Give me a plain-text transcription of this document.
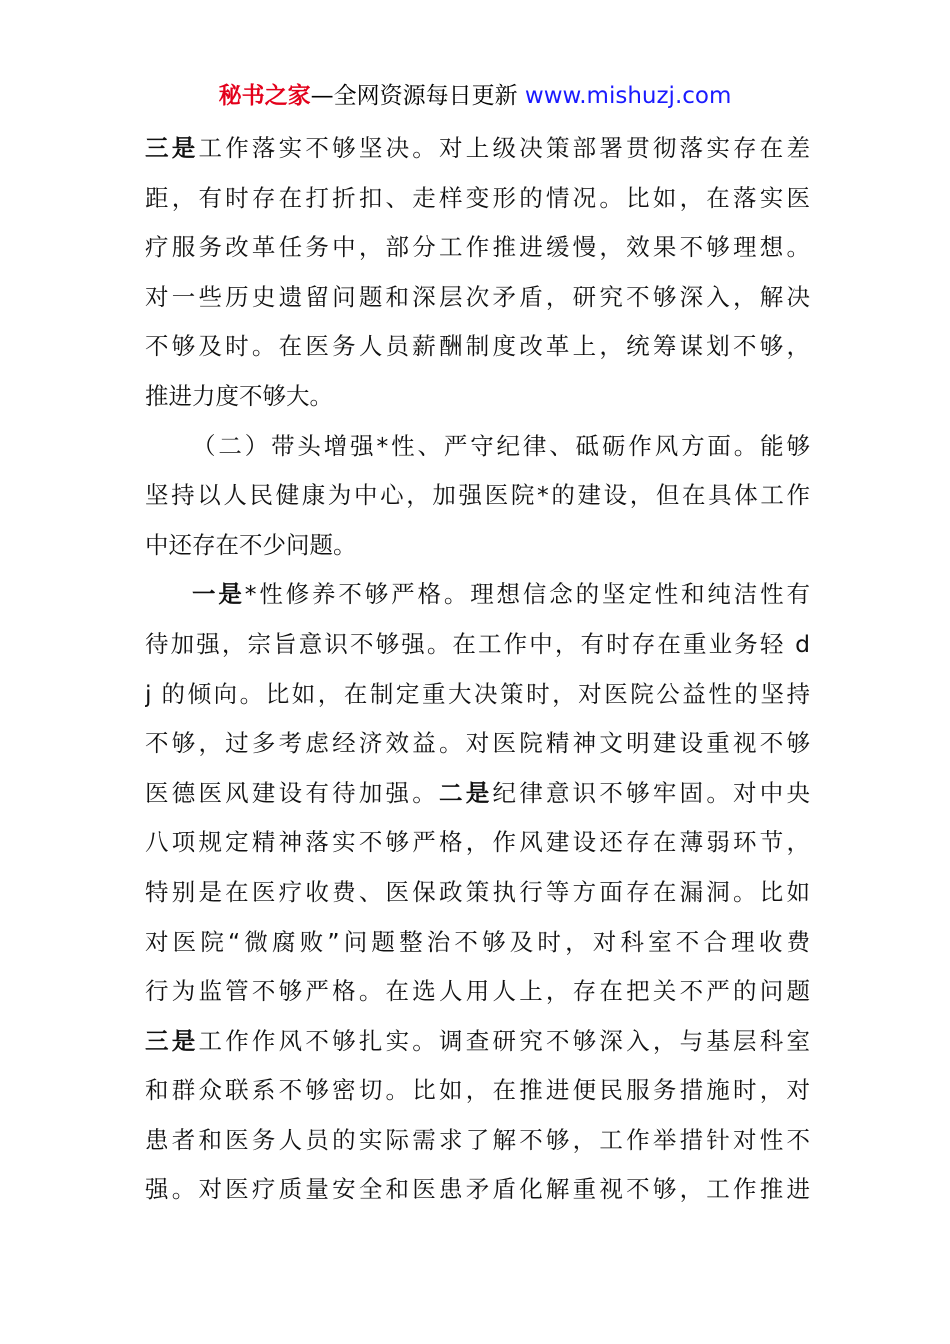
秘书之家—全网资源每日更新 www.mishuzj.com
三是工作落实不够坚决。对上级决策部署贯彻落实存在差
距，有时存在打折扣、走样变形的情况。比如，在落实医
疗服务改革任务中，部分工作推进缓慢，效果不够理想。
对一些历史遗留问题和深层次矛盾，研究不够深入，解决
不够及时。在医务人员薪酬制度改革上，统筹谋划不够，
推进力度不够大。
（二）带头增强*性、严守纪律、砥砺作风方面。能够
坚持以人民健康为中心，加强医院*的建设，但在具体工作
中还存在不少问题。
一是*性修养不够严格。理想信念的坚定性和纯洁性有
待加强，宗旨意识不够强。在工作中，有时存在重业务轻 d
j 的倾向。比如，在制定重大决策时，对医院公益性的坚持
不够，过多考虑经济效益。对医院精神文明建设重视不够
医德医风建设有待加强。二是纪律意识不够牢固。对中央
八项规定精神落实不够严格，作风建设还存在薄弱环节，
特别是在医疗收费、医保政策执行等方面存在漏洞。比如
对医院“微腐败”问题整治不够及时，对科室不合理收费
行为监管不够严格。在选人用人上，存在把关不严的问题
三是工作作风不够扎实。调查研究不够深入，与基层科室
和群众联系不够密切。比如，在推进便民服务措施时，对
患者和医务人员的实际需求了解不够，工作举措针对性不
强。对医疗质量安全和医患矛盾化解重视不够，工作推进
